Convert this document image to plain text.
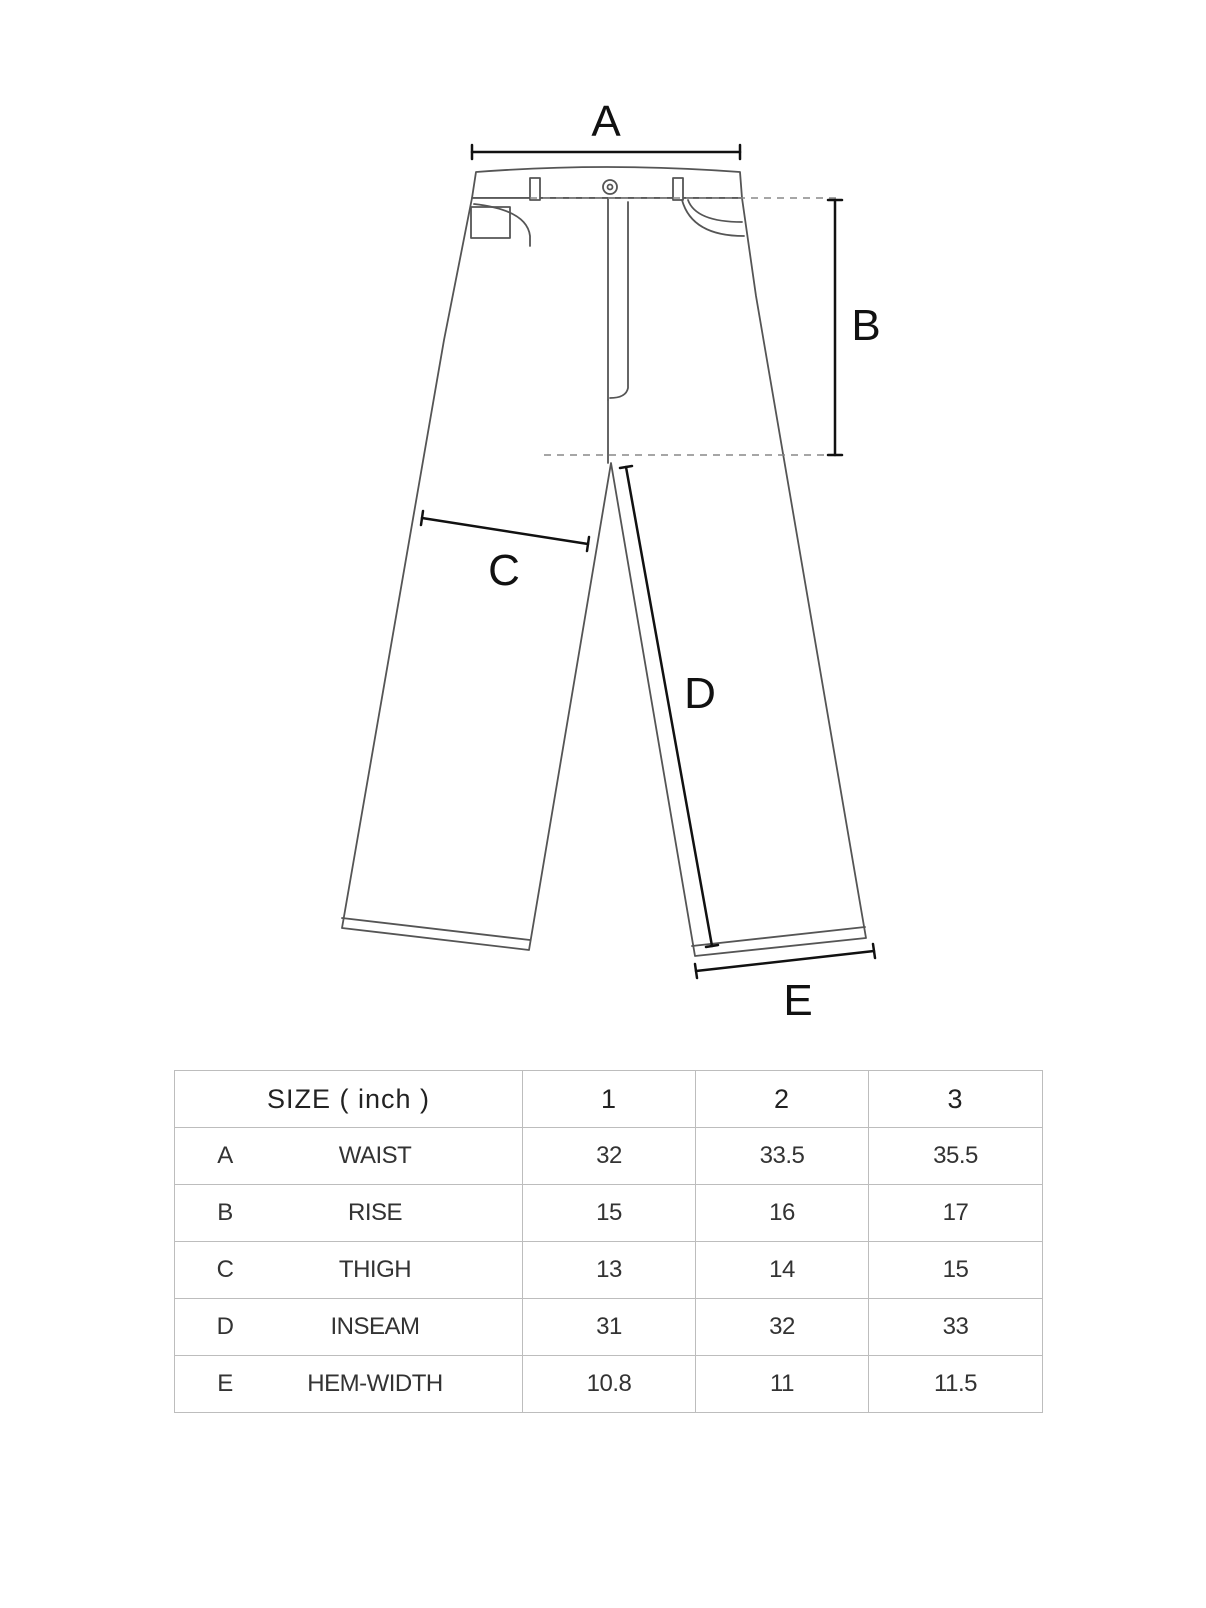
A
B
C
D
E
SIZE ( inch )	1	2	3

A WAIST	32	33.5	35.5

B RISE	15	16	17

C THIGH	13	14	15

D INSEAM	31	32	33

E HEM-WIDTH	10.8	11	11.5
